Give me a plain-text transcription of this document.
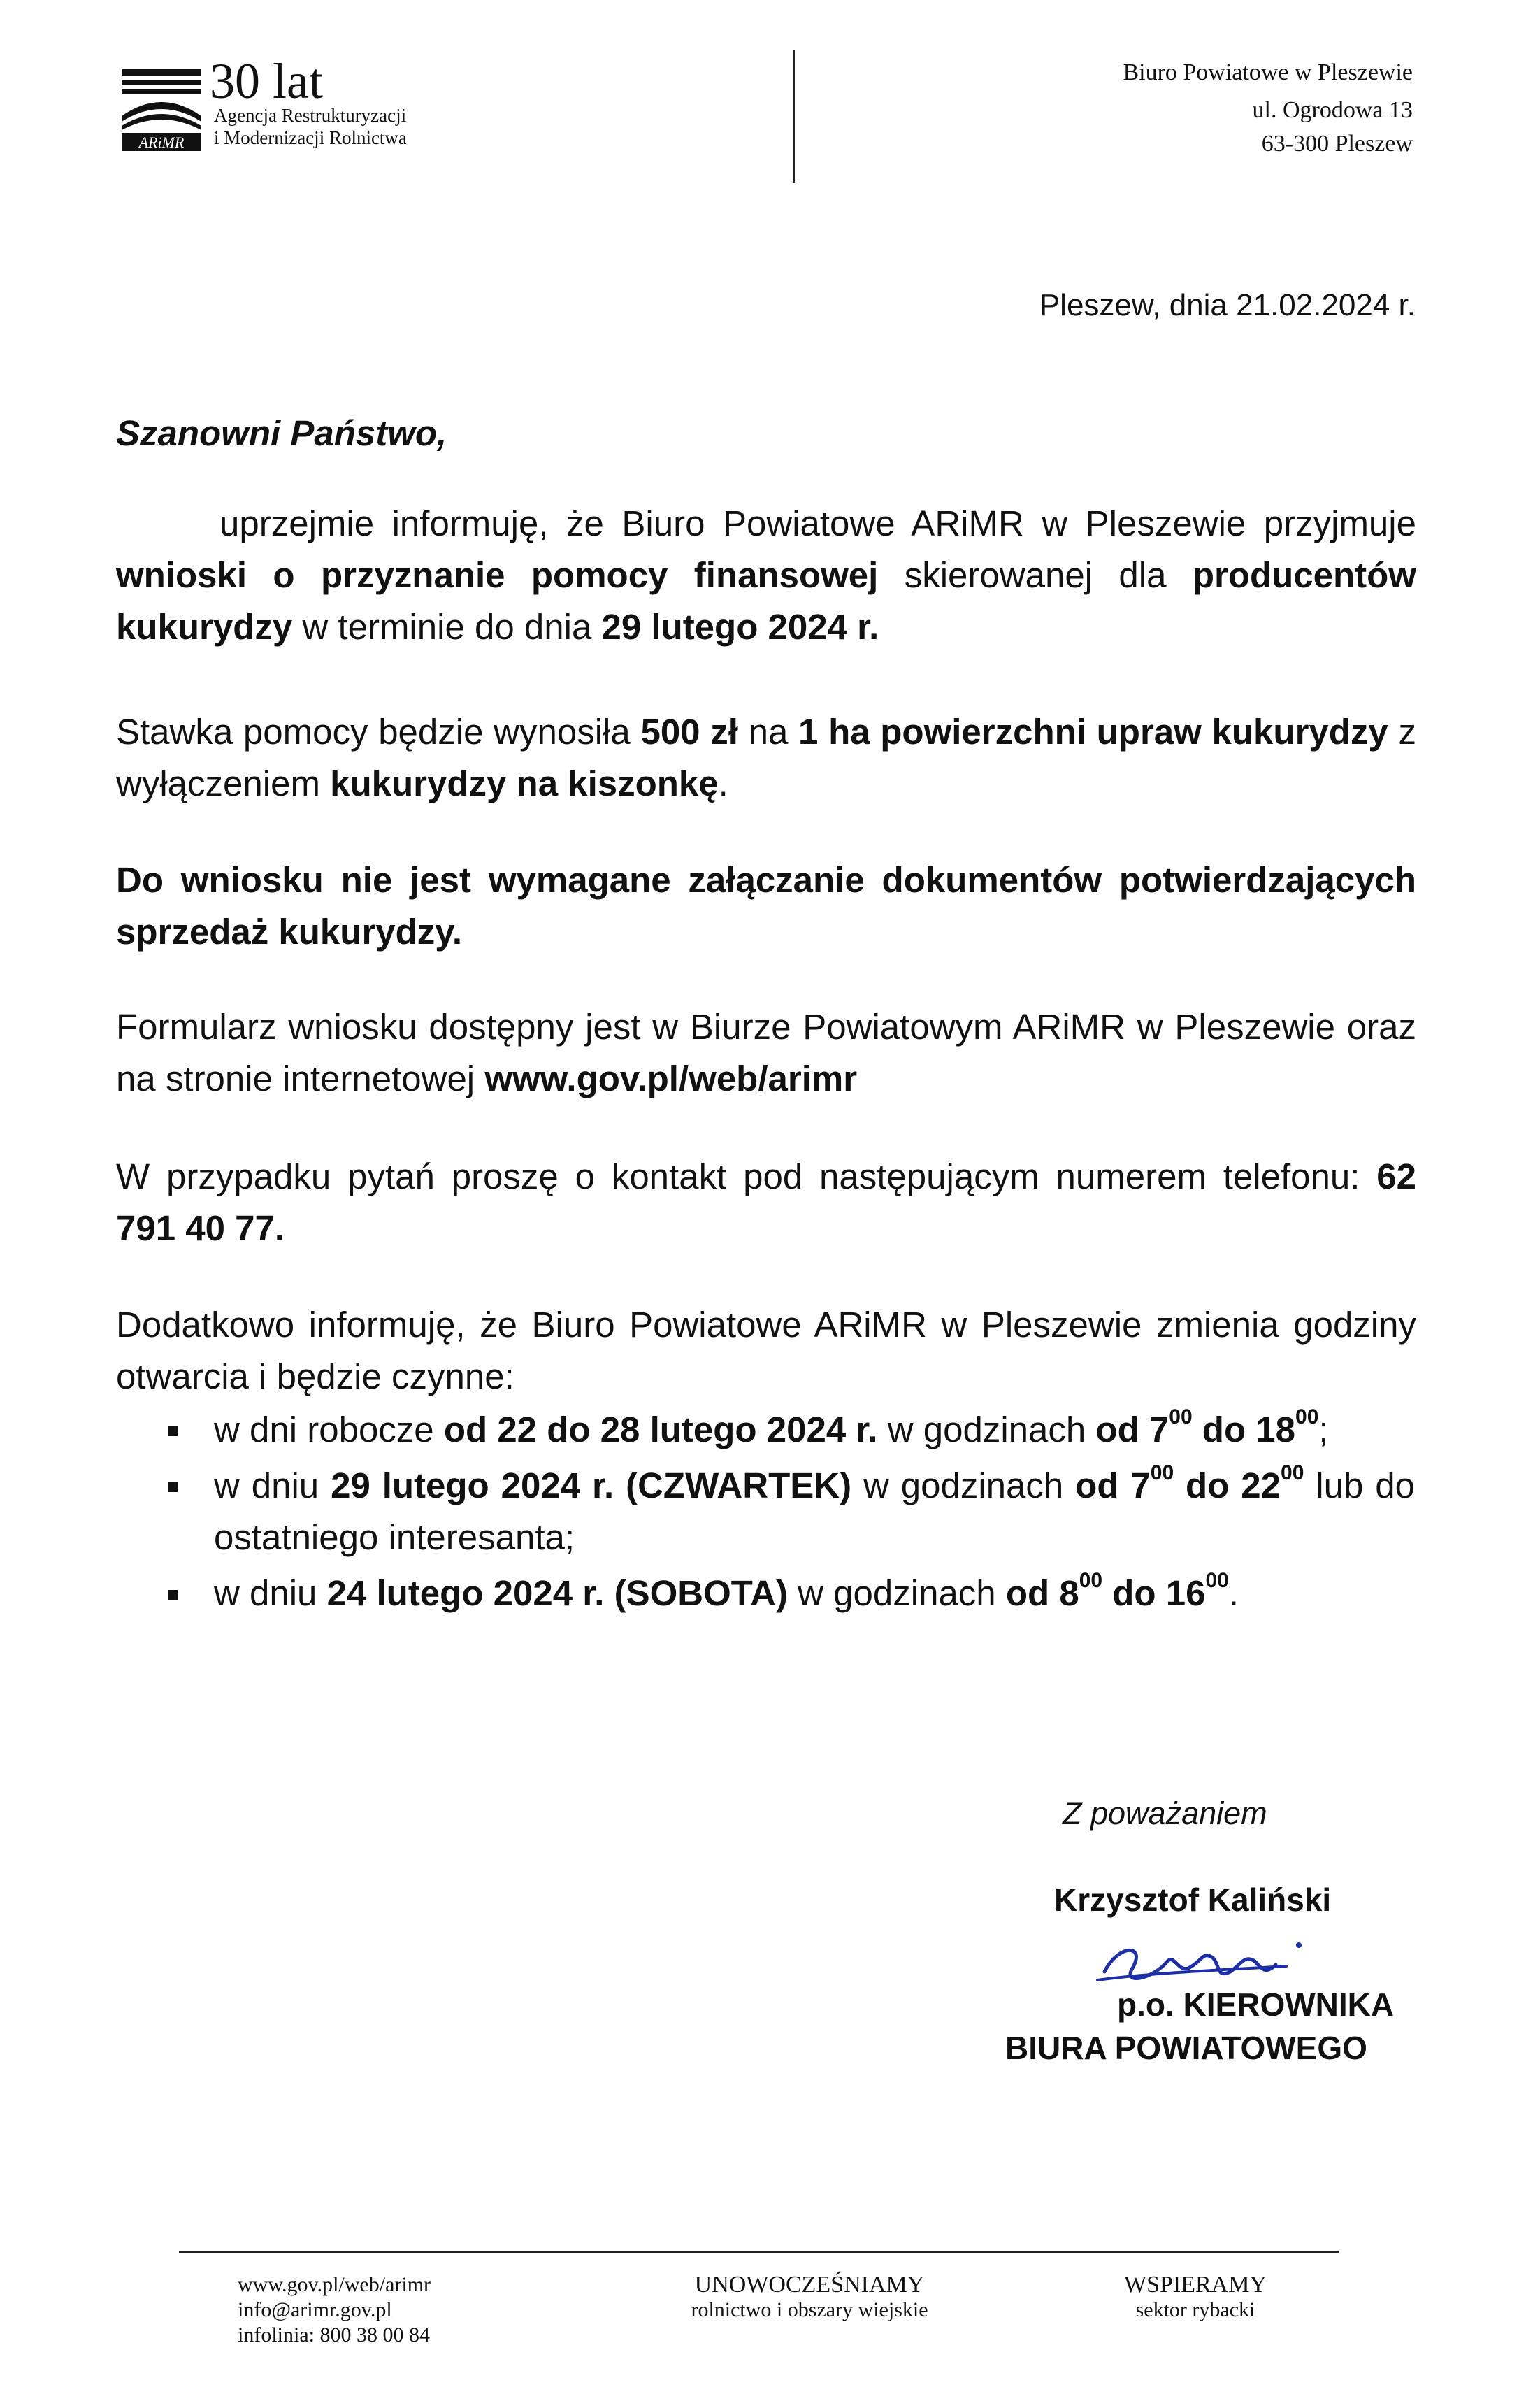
ARiMR
30 lat
Agencja Restrukturyzacji
i Modernizacji Rolnictwa
Biuro Powiatowe w Pleszewie
ul. Ogrodowa 13
63-300 Pleszew
Pleszew, dnia 21.02.2024 r.
Szanowni Państwo,
uprzejmie informuję, że Biuro Powiatowe ARiMR w Pleszewie przyjmuje wnioski o przyznanie pomocy finansowej skierowanej dla producentów kukurydzy w terminie do dnia 29 lutego 2024 r.
Stawka pomocy będzie wynosiła 500 zł na 1 ha powierzchni upraw kukurydzy z wyłączeniem kukurydzy na kiszonkę.
Do wniosku nie jest wymagane załączanie dokumentów potwierdzających sprzedaż kukurydzy.
Formularz wniosku dostępny jest w Biurze Powiatowym ARiMR w Pleszewie oraz na stronie internetowej www.gov.pl/web/arimr
W przypadku pytań proszę o kontakt pod następującym numerem telefonu: 62 791 40 77.
Dodatkowo informuję, że Biuro Powiatowe ARiMR w Pleszewie zmienia godziny otwarcia i będzie czynne:
w dni robocze od 22 do 28 lutego 2024 r. w godzinach od $7^{00}$ do $18^{00}$;
w dniu 29 lutego 2024 r. (CZWARTEK) w godzinach od $7^{00}$ do $22^{00}$ lub do ostatniego interesanta;
w dniu 24 lutego 2024 r. (SOBOTA) w godzinach od $8^{00}$ do $16^{00}$.
Z poważaniem
Krzysztof Kaliński
p.o. KIEROWNIKA
BIURA POWIATOWEGO
www.gov.pl/web/arimr
info@arimr.gov.pl
infolinia: 800 38 00 84
UNOWOCZEŚNIAMY
rolnictwo i obszary wiejskie
WSPIERAMY
sektor rybacki
